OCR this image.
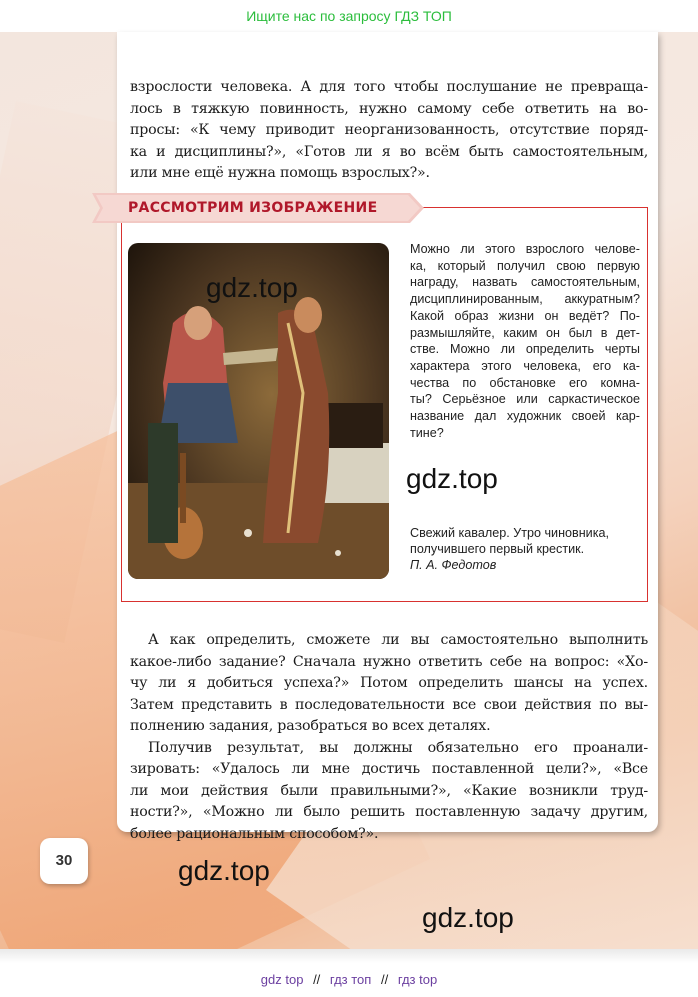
Ищите нас по запросу ГДЗ ТОП
взрослости человека. А для того чтобы послушание не превраща-
лось в тяжкую повинность, нужно самому себе ответить на во-
просы: «К чему приводит неорганизованность, отсутствие поряд-
ка и дисциплины?», «Готов ли я во всём быть самостоятельным,
или мне ещё нужна помощь взрослых?».
РАССМОТРИМ ИЗОБРАЖЕНИЕ
Можно ли этого взрослого челове-
ка, который получил свою первую
награду, назвать самостоятельным,
дисциплинированным, аккуратным?
Какой образ жизни он ведёт? По-
размышляйте, каким он был в дет-
стве. Можно ли определить черты
характера этого человека, его ка-
чества по обстановке его комна-
ты? Серьёзное или саркастическое
название дал художник своей кар-
тине?
Свежий кавалер. Утро чиновника,
получившего первый крестик.
П. А. Федотов
А как определить, сможете ли вы самостоятельно выполнить
какое-либо задание? Сначала нужно ответить себе на вопрос: «Хо-
чу ли я добиться успеха?» Потом определить шансы на успех.
Затем представить в последовательности все свои действия по вы-
полнению задания, разобраться во всех деталях.
Получив результат, вы должны обязательно его проанали-
зировать: «Удалось ли мне достичь поставленной цели?», «Все
ли мои действия были правильными?», «Какие возникли труд-
ности?», «Можно ли было решить поставленную задачу другим,
более рациональным способом?».
gdz.top
gdz.top
gdz.top
gdz.top
30
gdz top // гдз топ // гдз top
